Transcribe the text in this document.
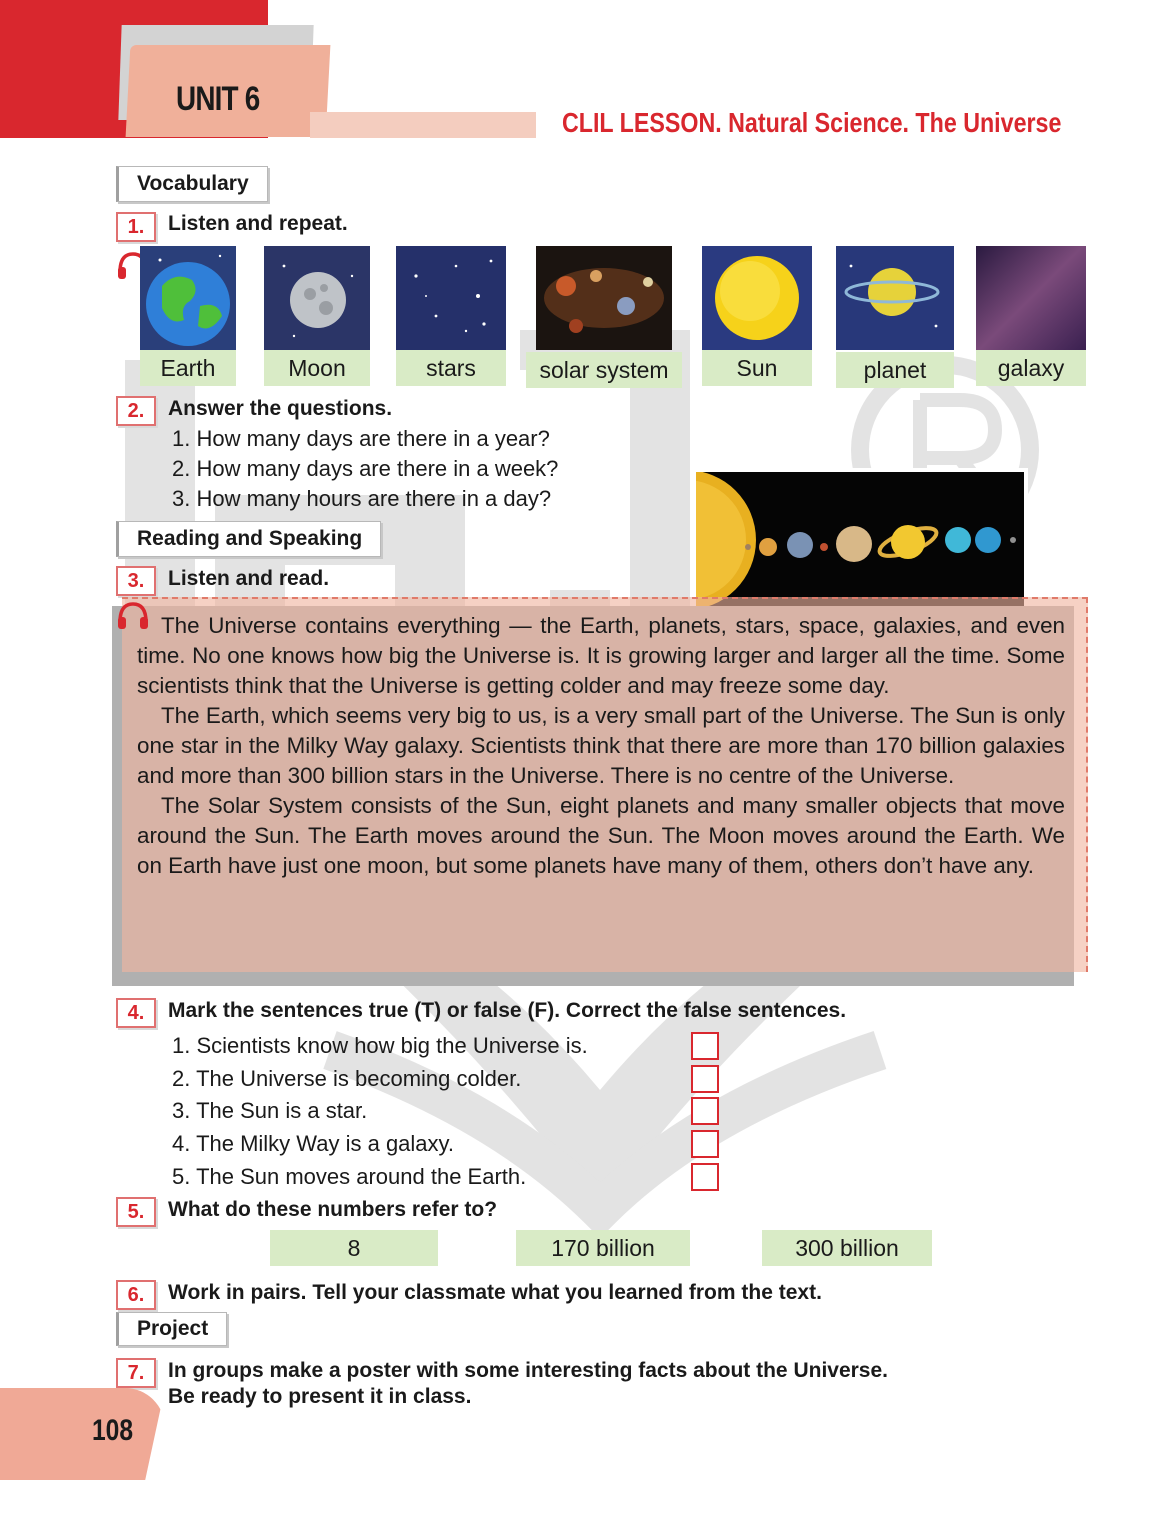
UNIT 6
CLIL LESSON. Natural Science. The Universe
Vocabulary
1.	Listen and repeat.
Earth	Moon	stars	solar system	Sun	planet	galaxy
2.	Answer the questions.
1. How many days are there in a year?
2. How many days are there in a week?
3. How many hours are there in a day?
Reading and Speaking
3.	Listen and read.

The Universe contains everything — the Earth, planets, stars, space, galaxies, and even time. No one knows how big the Universe is. It is growing larger and larger all the time. Some scientists think that the Universe is getting colder and may freeze some day.

The Earth, which seems very big to us, is a very small part of the Universe. The Sun is only one star in the Milky Way galaxy. Scientists think that there are more than 170 billion galaxies and more than 300 billion stars in the Universe. There is no centre of the Universe.

The Solar System consists of the Sun, eight planets and many smaller objects that move around the Sun. The Earth moves around the Sun. The Moon moves around the Earth. We on Earth have just one moon, but some planets have many of them, others don’t have any.

4.	Mark the sentences true (T) or false (F). Correct the false sentences.
1. Scientists know how big the Universe is.
2. The Universe is becoming colder.
3. The Sun is a star.
4. The Milky Way is a galaxy.
5. The Sun moves around the Earth.
5.	What do these numbers refer to?
8	170 billion	300 billion
6.	Work in pairs. Tell your classmate what you learned from the text.
Project
7.	In groups make a poster with some interesting facts about the Universe.
Be ready to present it in class.
108
